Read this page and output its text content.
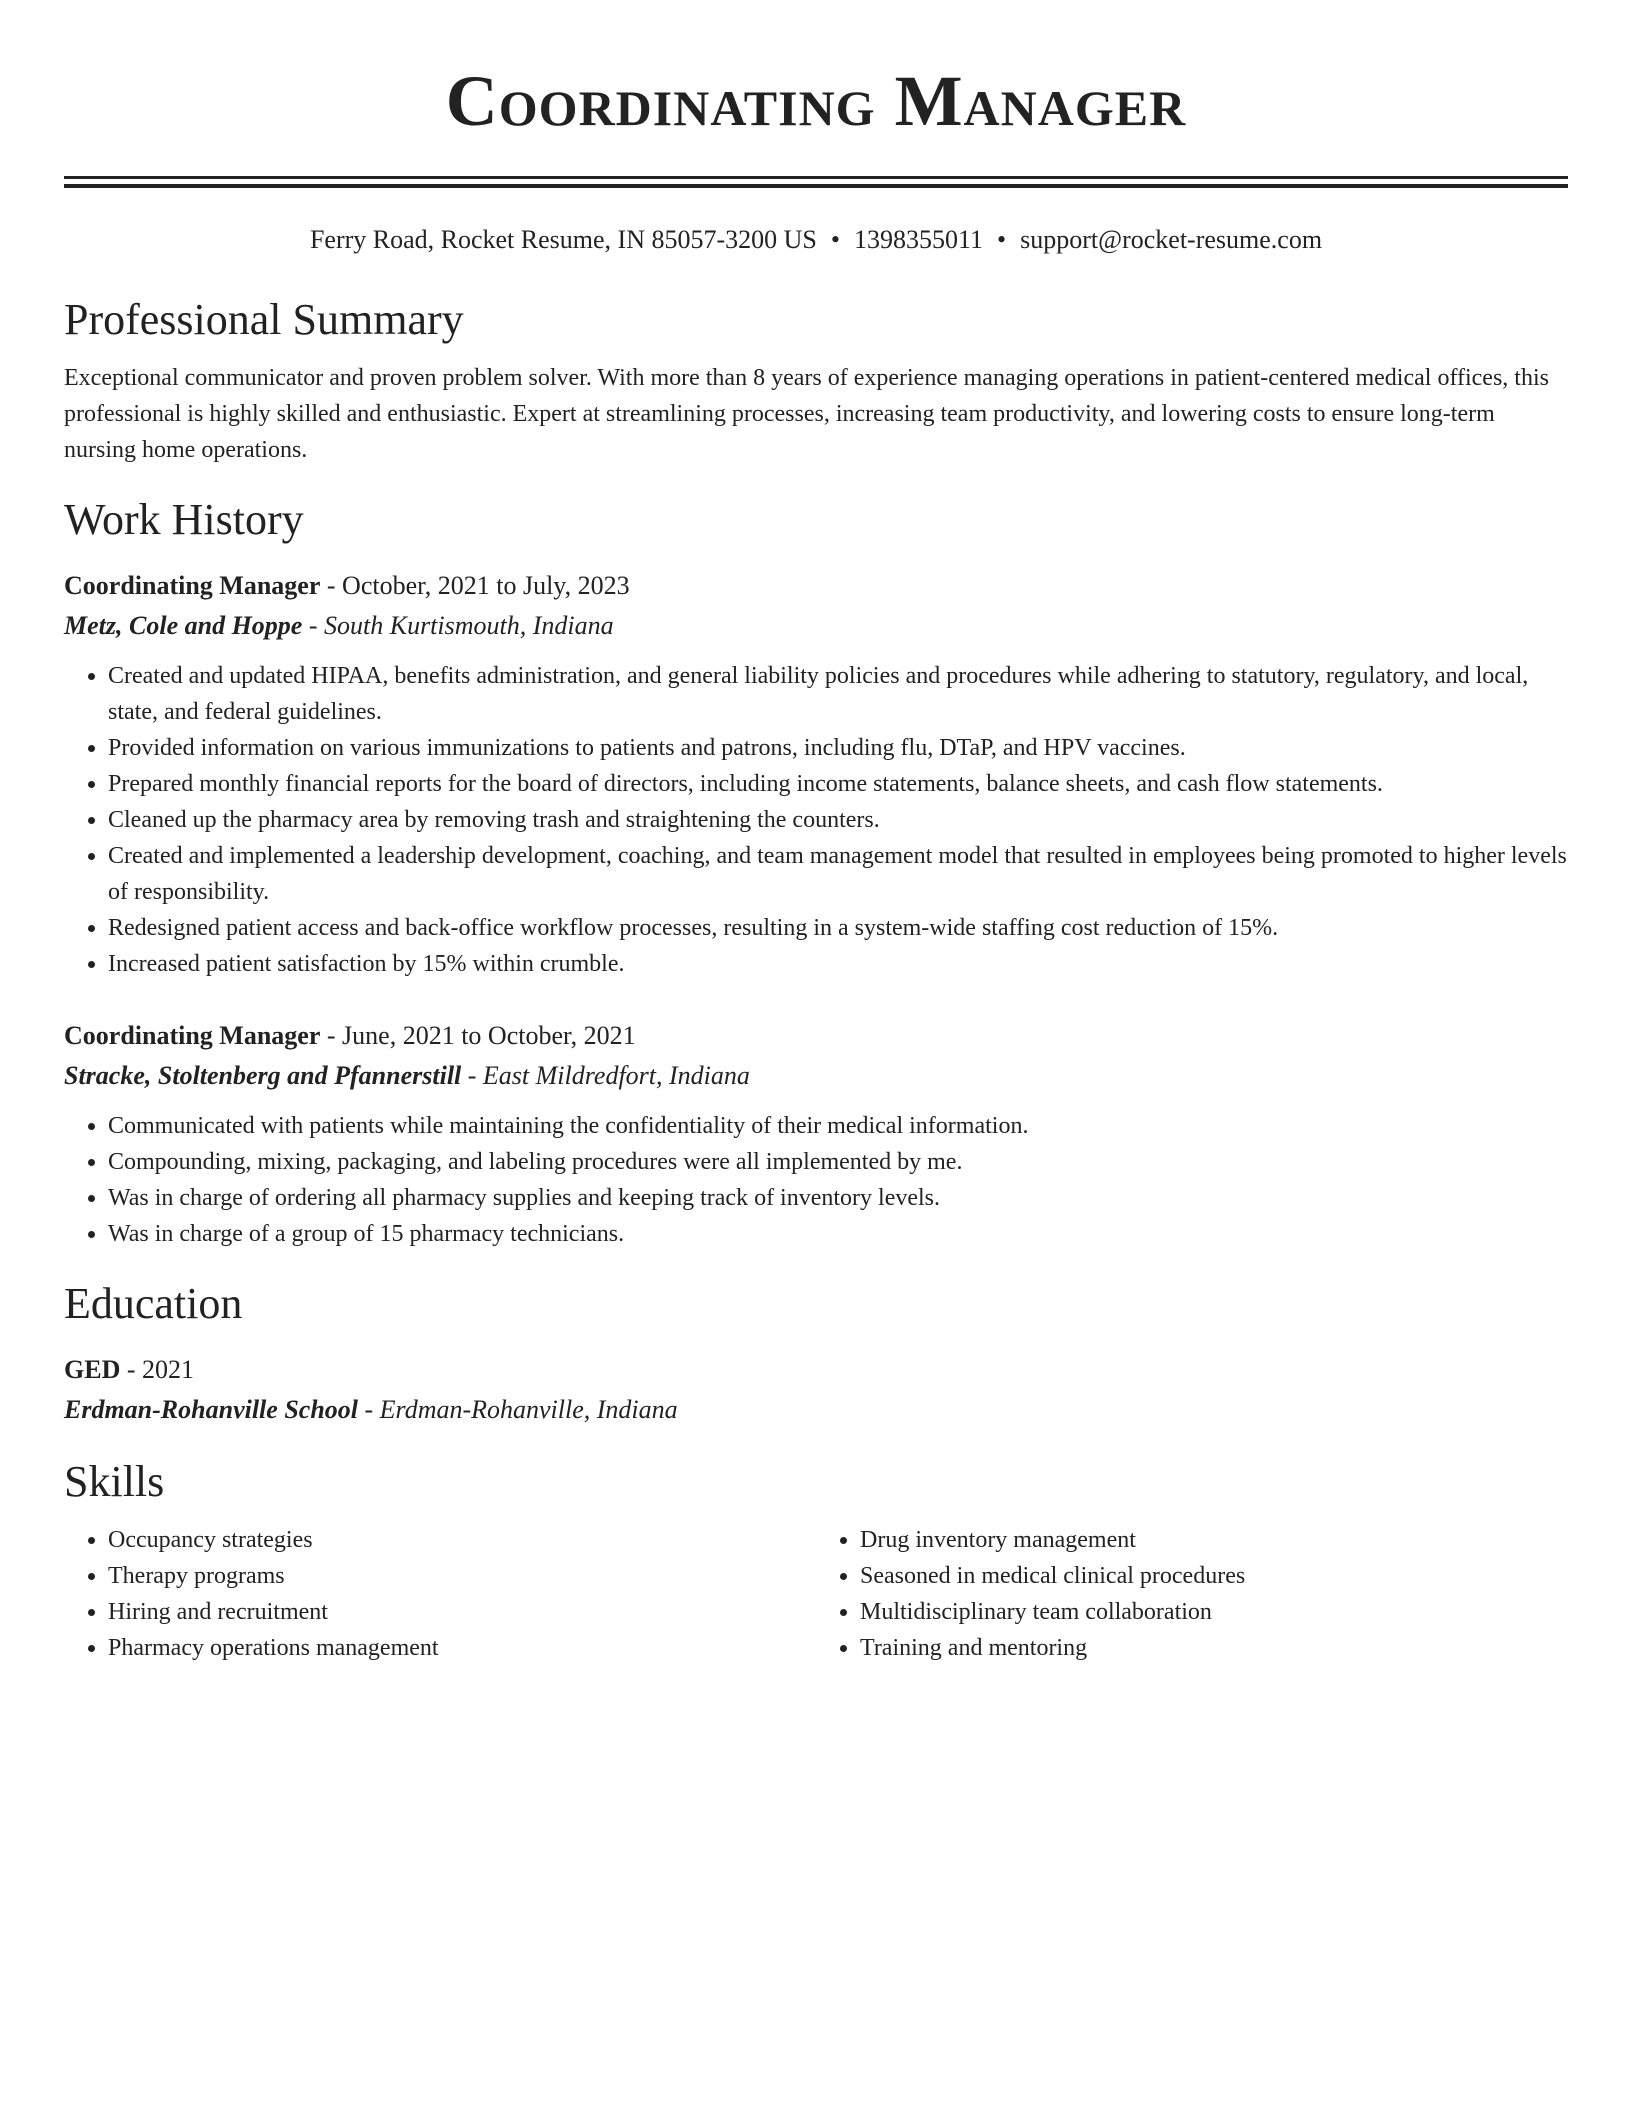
Coordinating Manager
Ferry Road, Rocket Resume, IN 85057-3200 US • 1398355011 • support@rocket-resume.com
Professional Summary
Exceptional communicator and proven problem solver. With more than 8 years of experience managing operations in patient-centered medical offices, this professional is highly skilled and enthusiastic. Expert at streamlining processes, increasing team productivity, and lowering costs to ensure long-term nursing home operations.
Work History
Coordinating Manager - October, 2021 to July, 2023
Metz, Cole and Hoppe - South Kurtismouth, Indiana
• Created and updated HIPAA, benefits administration, and general liability policies and procedures while adhering to statutory, regulatory, and local, state, and federal guidelines.
• Provided information on various immunizations to patients and patrons, including flu, DTaP, and HPV vaccines.
• Prepared monthly financial reports for the board of directors, including income statements, balance sheets, and cash flow statements.
• Cleaned up the pharmacy area by removing trash and straightening the counters.
• Created and implemented a leadership development, coaching, and team management model that resulted in employees being promoted to higher levels of responsibility.
• Redesigned patient access and back-office workflow processes, resulting in a system-wide staffing cost reduction of 15%.
• Increased patient satisfaction by 15% within crumble.
Coordinating Manager - June, 2021 to October, 2021
Stracke, Stoltenberg and Pfannerstill - East Mildredfort, Indiana
• Communicated with patients while maintaining the confidentiality of their medical information.
• Compounding, mixing, packaging, and labeling procedures were all implemented by me.
• Was in charge of ordering all pharmacy supplies and keeping track of inventory levels.
• Was in charge of a group of 15 pharmacy technicians.
Education
GED - 2021
Erdman-Rohanville School - Erdman-Rohanville, Indiana
Skills
• Occupancy strategies
• Therapy programs
• Hiring and recruitment
• Pharmacy operations management
• Drug inventory management
• Seasoned in medical clinical procedures
• Multidisciplinary team collaboration
• Training and mentoring
